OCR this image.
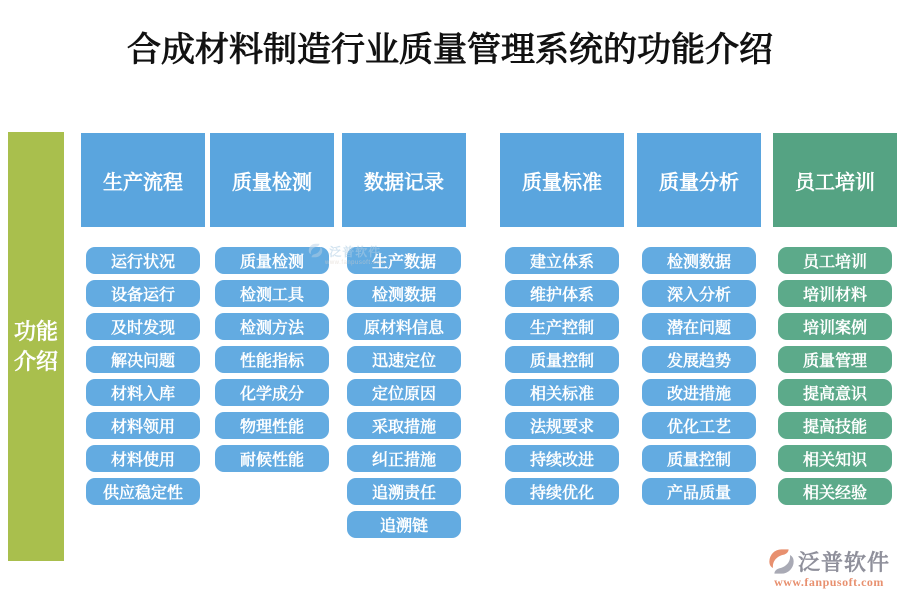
合成材料制造行业质量管理系统的功能介绍
功能介绍
生产流程
运行状况
设备运行
及时发现
解决问题
材料入库
材料领用
材料使用
供应稳定性
质量检测
质量检测
检测工具
检测方法
性能指标
化学成分
物理性能
耐候性能
数据记录
生产数据
检测数据
原材料信息
迅速定位
定位原因
采取措施
纠正措施
追溯责任
追溯链
质量标准
建立体系
维护体系
生产控制
质量控制
相关标准
法规要求
持续改进
持续优化
质量分析
检测数据
深入分析
潜在问题
发展趋势
改进措施
优化工艺
质量控制
产品质量
员工培训
员工培训
培训材料
培训案例
质量管理
提高意识
提高技能
相关知识
相关经验
泛普软件
www.fanpusoft.com
泛普软件
www.fanpusoft.com
